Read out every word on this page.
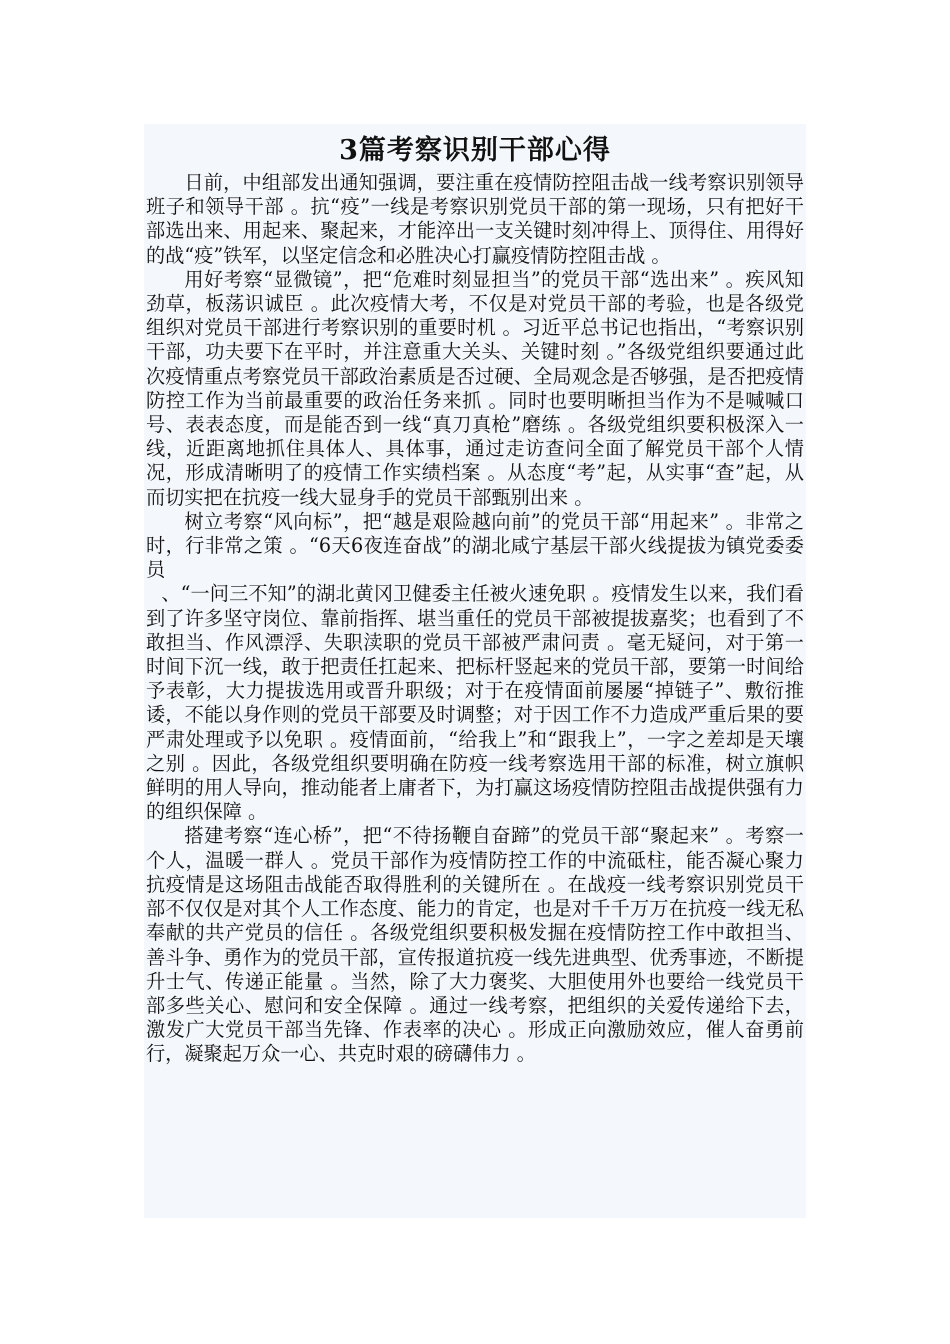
3篇考察识别干部心得

日前，中组部发出通知强调，要注重在疫情防控阻击战一线考察识别领导班子和领导干部 。抗“疫”一线是考察识别党员干部的第一现场，只有把好干部选出来、用起来、聚起来，才能淬出一支关键时刻冲得上、顶得住、用得好的战“疫”铁军，以坚定信念和必胜决心打赢疫情防控阻击战 。

用好考察“显微镜”，把“危难时刻显担当”的党员干部“选出来” 。疾风知劲草，板荡识诚臣 。此次疫情大考，不仅是对党员干部的考验，也是各级党组织对党员干部进行考察识别的重要时机 。习近平总书记也指出，“考察识别干部，功夫要下在平时，并注意重大关头、关键时刻 。”各级党组织要通过此次疫情重点考察党员干部政治素质是否过硬、全局观念是否够强，是否把疫情防控工作为当前最重要的政治任务来抓 。同时也要明晰担当作为不是喊喊口号、表表态度，而是能否到一线“真刀真枪”磨练 。各级党组织要积极深入一线，近距离地抓住具体人、具体事，通过走访查问全面了解党员干部个人情况，形成清晰明了的疫情工作实绩档案 。从态度“考”起，从实事“查”起，从而切实把在抗疫一线大显身手的党员干部甄别出来 。

树立考察“风向标”，把“越是艰险越向前”的党员干部“用起来” 。非常之时，行非常之策 。“6天6夜连奋战”的湖北咸宁基层干部火线提拔为镇党委委员

、“一问三不知”的湖北黄冈卫健委主任被火速免职 。疫情发生以来，我们看到了许多坚守岗位、靠前指挥、堪当重任的党员干部被提拔嘉奖；也看到了不敢担当、作风漂浮、失职渎职的党员干部被严肃问责 。毫无疑问，对于第一时间下沉一线，敢于把责任扛起来、把标杆竖起来的党员干部，要第一时间给予表彰，大力提拔选用或晋升职级；对于在疫情面前屡屡“掉链子”、敷衍推诿，不能以身作则的党员干部要及时调整；对于因工作不力造成严重后果的要严肃处理或予以免职 。疫情面前，“给我上”和“跟我上”，一字之差却是天壤之别 。因此，各级党组织要明确在防疫一线考察选用干部的标准，树立旗帜鲜明的用人导向，推动能者上庸者下，为打赢这场疫情防控阻击战提供强有力的组织保障 。

搭建考察“连心桥”，把“不待扬鞭自奋蹄”的党员干部“聚起来” 。考察一个人，温暖一群人 。党员干部作为疫情防控工作的中流砥柱，能否凝心聚力抗疫情是这场阻击战能否取得胜利的关键所在 。在战疫一线考察识别党员干部不仅仅是对其个人工作态度、能力的肯定，也是对千千万万在抗疫一线无私奉献的共产党员的信任 。各级党组织要积极发掘在疫情防控工作中敢担当、善斗争、勇作为的党员干部，宣传报道抗疫一线先进典型、优秀事迹，不断提升士气、传递正能量 。当然，除了大力褒奖、大胆使用外也要给一线党员干部多些关心、慰问和安全保障 。通过一线考察，把组织的关爱传递给下去，激发广大党员干部当先锋、作表率的决心 。形成正向激励效应，催人奋勇前行，凝聚起万众一心、共克时艰的磅礴伟力 。
